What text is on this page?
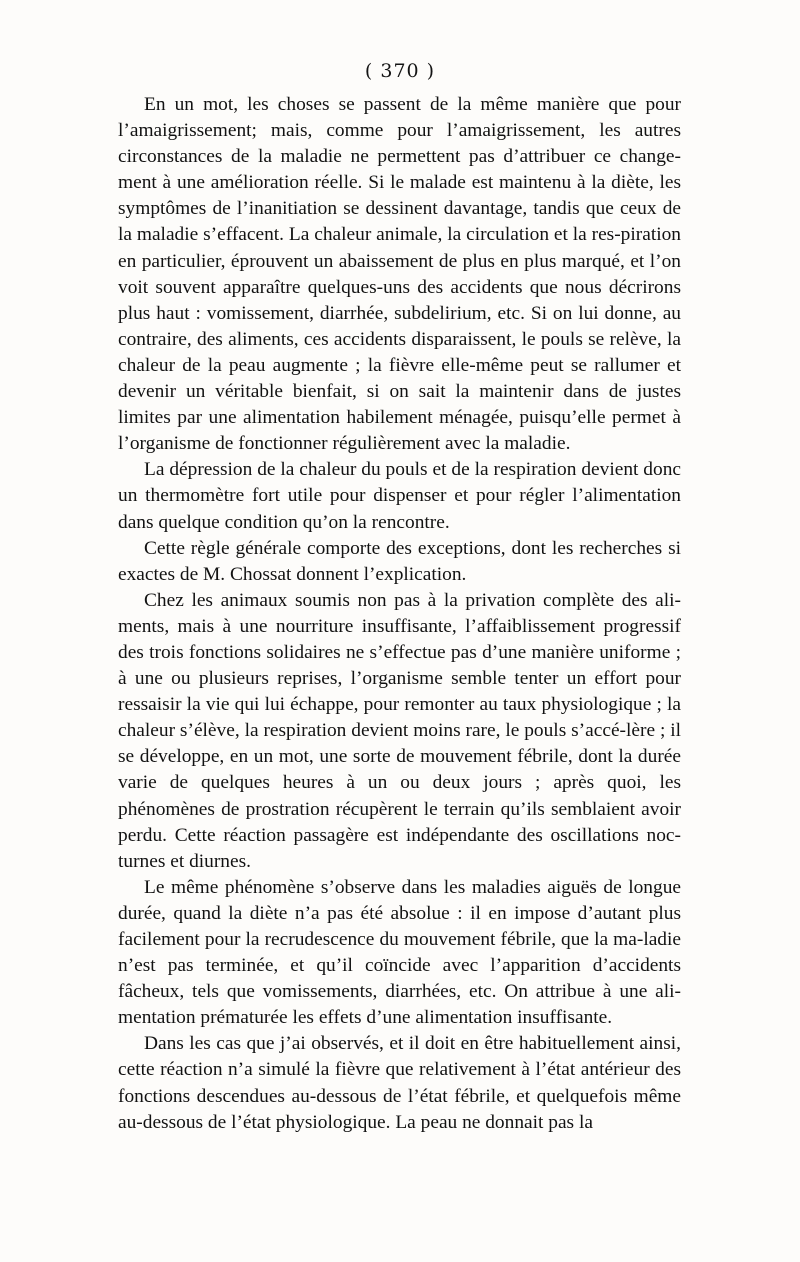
( 370 )

En un mot, les choses se passent de la même manière que pour l’amaigrissement; mais, comme pour l’amaigrissement, les autres circonstances de la maladie ne permettent pas d’attribuer ce change-ment à une amélioration réelle. Si le malade est maintenu à la diète, les symptômes de l’inanitiation se dessinent davantage, tandis que ceux de la maladie s’effacent. La chaleur animale, la circulation et la res-piration en particulier, éprouvent un abaissement de plus en plus marqué, et l’on voit souvent apparaître quelques-uns des accidents que nous décrirons plus haut : vomissement, diarrhée, subdelirium, etc. Si on lui donne, au contraire, des aliments, ces accidents disparaissent, le pouls se relève, la chaleur de la peau augmente ; la fièvre elle-même peut se rallumer et devenir un véritable bienfait, si on sait la maintenir dans de justes limites par une alimentation habilement ménagée, puisqu’elle permet à l’organisme de fonctionner régulièrement avec la maladie.

La dépression de la chaleur du pouls et de la respiration devient donc un thermomètre fort utile pour dispenser et pour régler l’alimentation dans quelque condition qu’on la rencontre.

Cette règle générale comporte des exceptions, dont les recherches si exactes de M. Chossat donnent l’explication.

Chez les animaux soumis non pas à la privation complète des ali-ments, mais à une nourriture insuffisante, l’affaiblissement progressif des trois fonctions solidaires ne s’effectue pas d’une manière uniforme ; à une ou plusieurs reprises, l’organisme semble tenter un effort pour ressaisir la vie qui lui échappe, pour remonter au taux physiologique ; la chaleur s’élève, la respiration devient moins rare, le pouls s’accé-lère ; il se développe, en un mot, une sorte de mouvement fébrile, dont la durée varie de quelques heures à un ou deux jours ; après quoi, les phénomènes de prostration récupèrent le terrain qu’ils semblaient avoir perdu. Cette réaction passagère est indépendante des oscillations noc-turnes et diurnes.

Le même phénomène s’observe dans les maladies aiguës de longue durée, quand la diète n’a pas été absolue : il en impose d’autant plus facilement pour la recrudescence du mouvement fébrile, que la ma-ladie n’est pas terminée, et qu’il coïncide avec l’apparition d’accidents fâcheux, tels que vomissements, diarrhées, etc. On attribue à une ali-mentation prématurée les effets d’une alimentation insuffisante.

Dans les cas que j’ai observés, et il doit en être habituellement ainsi, cette réaction n’a simulé la fièvre que relativement à l’état antérieur des fonctions descendues au-dessous de l’état fébrile, et quelquefois même au-dessous de l’état physiologique. La peau ne donnait pas la
